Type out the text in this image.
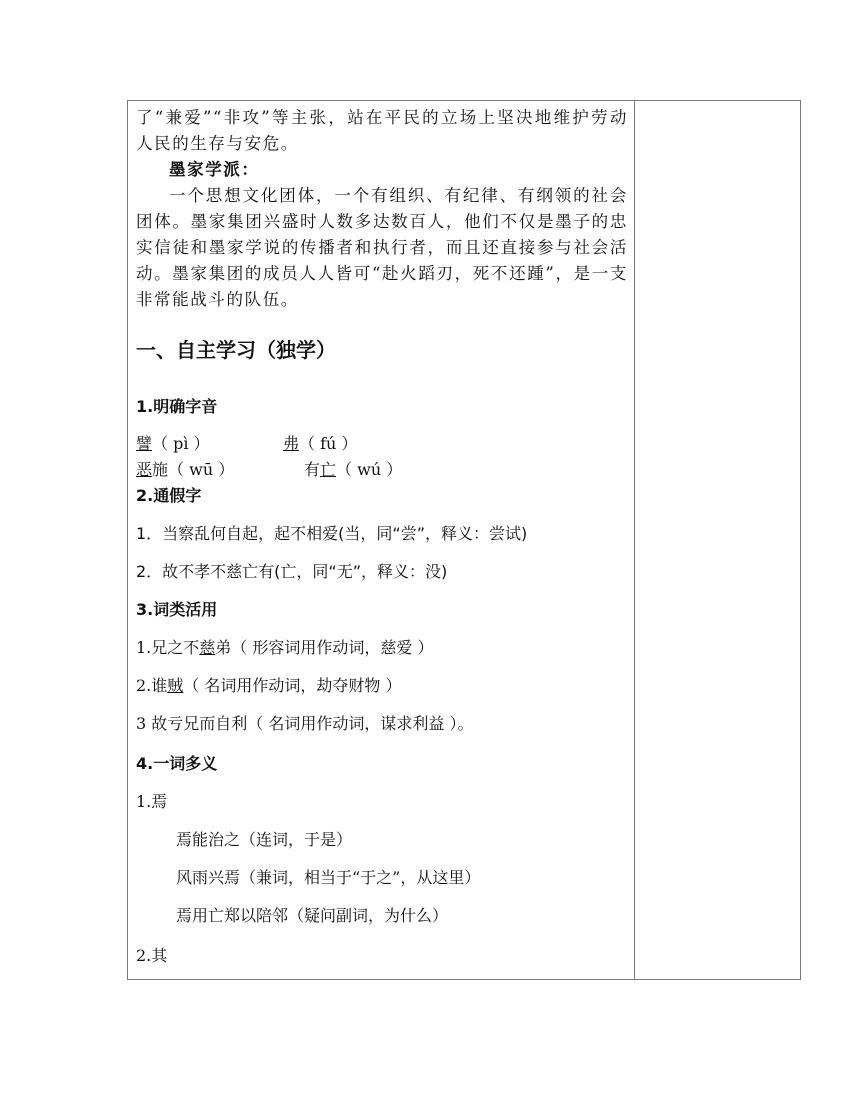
了“兼爱”“非攻”等主张，站在平民的立场上坚决地维护劳动人民的生存与安危。
墨家学派：
一个思想文化团体，一个有组织、有纪律、有纲领的社会团体。墨家集团兴盛时人数多达数百人，他们不仅是墨子的忠实信徒和墨家学说的传播者和执行者，而且还直接参与社会活动。墨家集团的成员人人皆可“赴火蹈刃，死不还踵”，是一支非常能战斗的队伍。
一、自主学习（独学）
1.明确字音
譬（ pì ）	弗（ fú ）
恶施（ wū ）	有亡（ wú ）
2.通假字
1．当察乱何自起，起不相爱(当，同“尝”，释义：尝试)
2．故不孝不慈亡有(亡，同“无”，释义：没)
3.词类活用
1.兄之不慈弟（ 形容词用作动词，慈爱 ）
2.谁贼（ 名词用作动词，劫夺财物 ）
3 故亏兄而自利（ 名词用作动词，谋求利益 ）。
4.一词多义
1.焉
焉能治之（连词，于是）
风雨兴焉（兼词，相当于“于之”，从这里）
焉用亡郑以陪邻（疑问副词，为什么）
2.其
